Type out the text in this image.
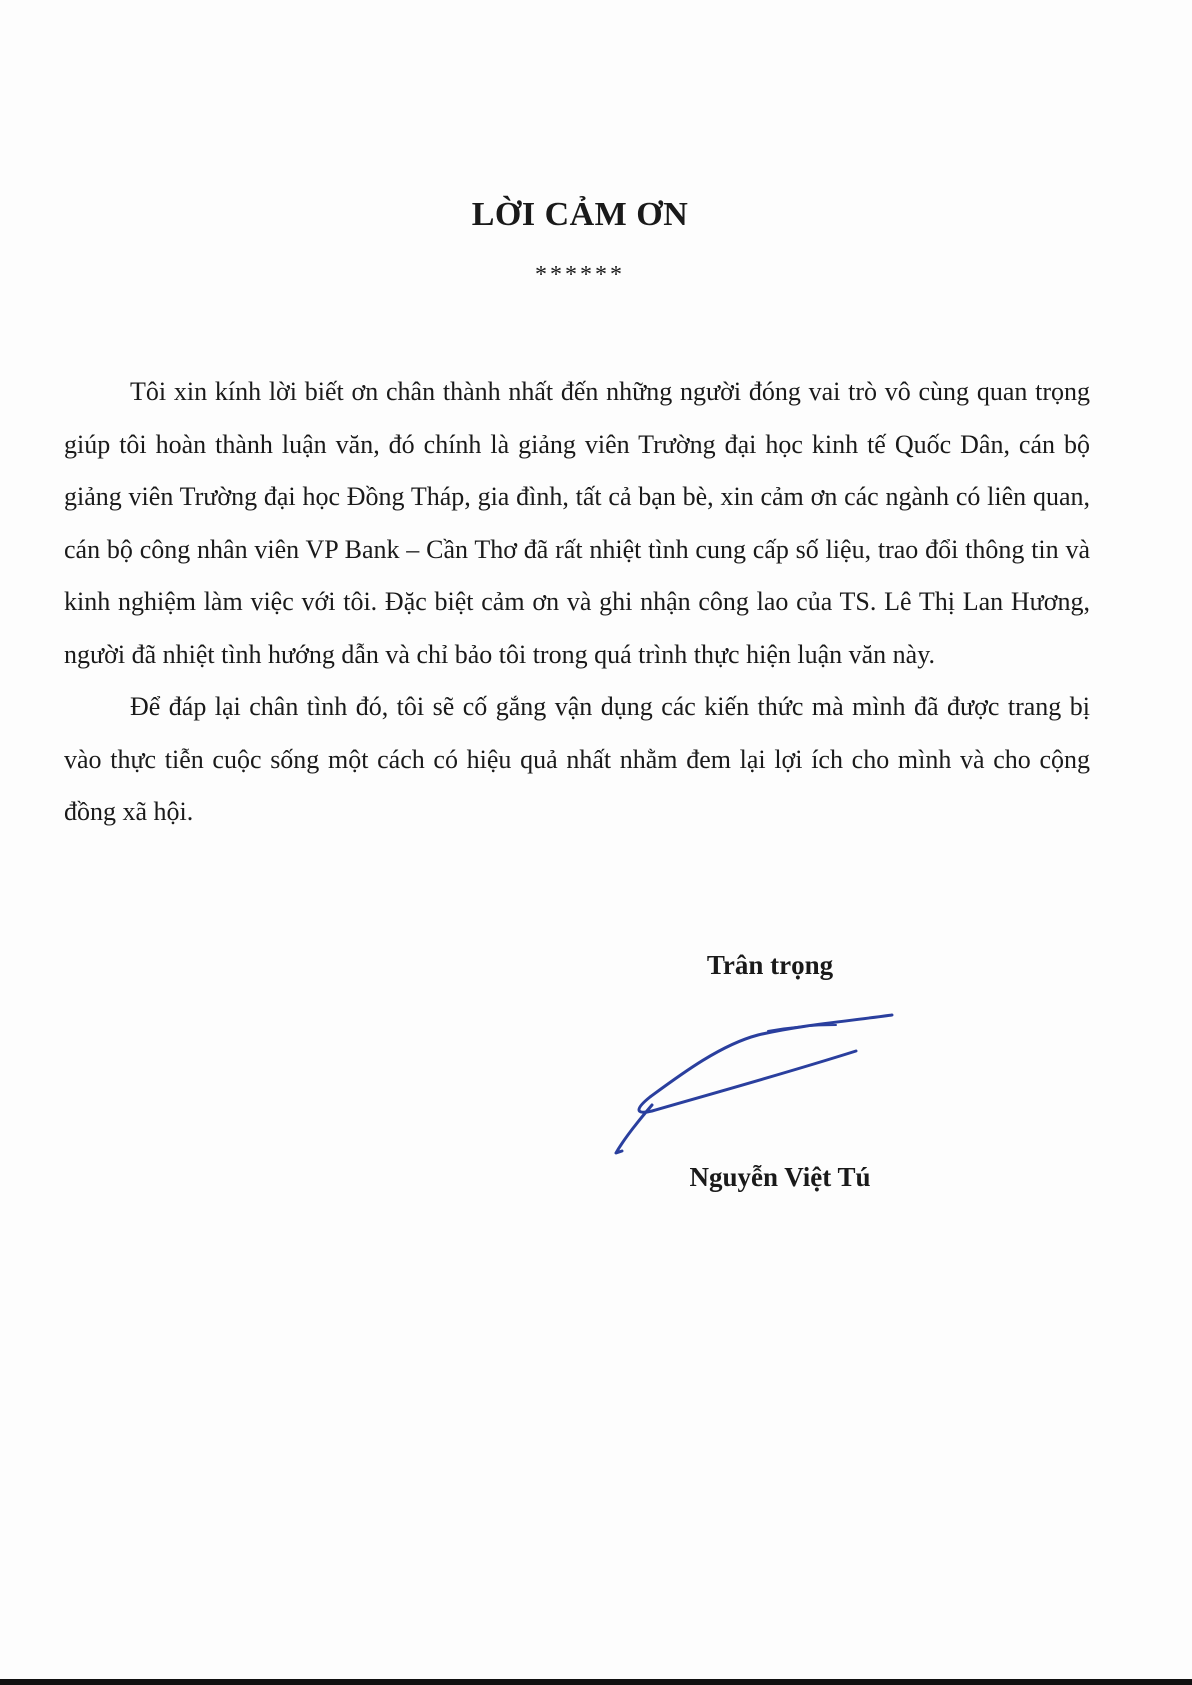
LỜI CẢM ƠN
******

Tôi xin kính lời biết ơn chân thành nhất đến những người đóng vai trò vô cùng quan trọng giúp tôi hoàn thành luận văn, đó chính là giảng viên Trường đại học kinh tế Quốc Dân, cán bộ giảng viên Trường đại học Đồng Tháp, gia đình, tất cả bạn bè, xin cảm ơn các ngành có liên quan, cán bộ công nhân viên VP Bank – Cần Thơ đã rất nhiệt tình cung cấp số liệu, trao đổi thông tin và kinh nghiệm làm việc với tôi. Đặc biệt cảm ơn và ghi nhận công lao của TS. Lê Thị Lan Hương, người đã nhiệt tình hướng dẫn và chỉ bảo tôi trong quá trình thực hiện luận văn này.

Để đáp lại chân tình đó, tôi sẽ cố gắng vận dụng các kiến thức mà mình đã được trang bị vào thực tiễn cuộc sống một cách có hiệu quả nhất nhằm đem lại lợi ích cho mình và cho cộng đồng xã hội.

Trân trọng
Nguyễn Việt Tú
